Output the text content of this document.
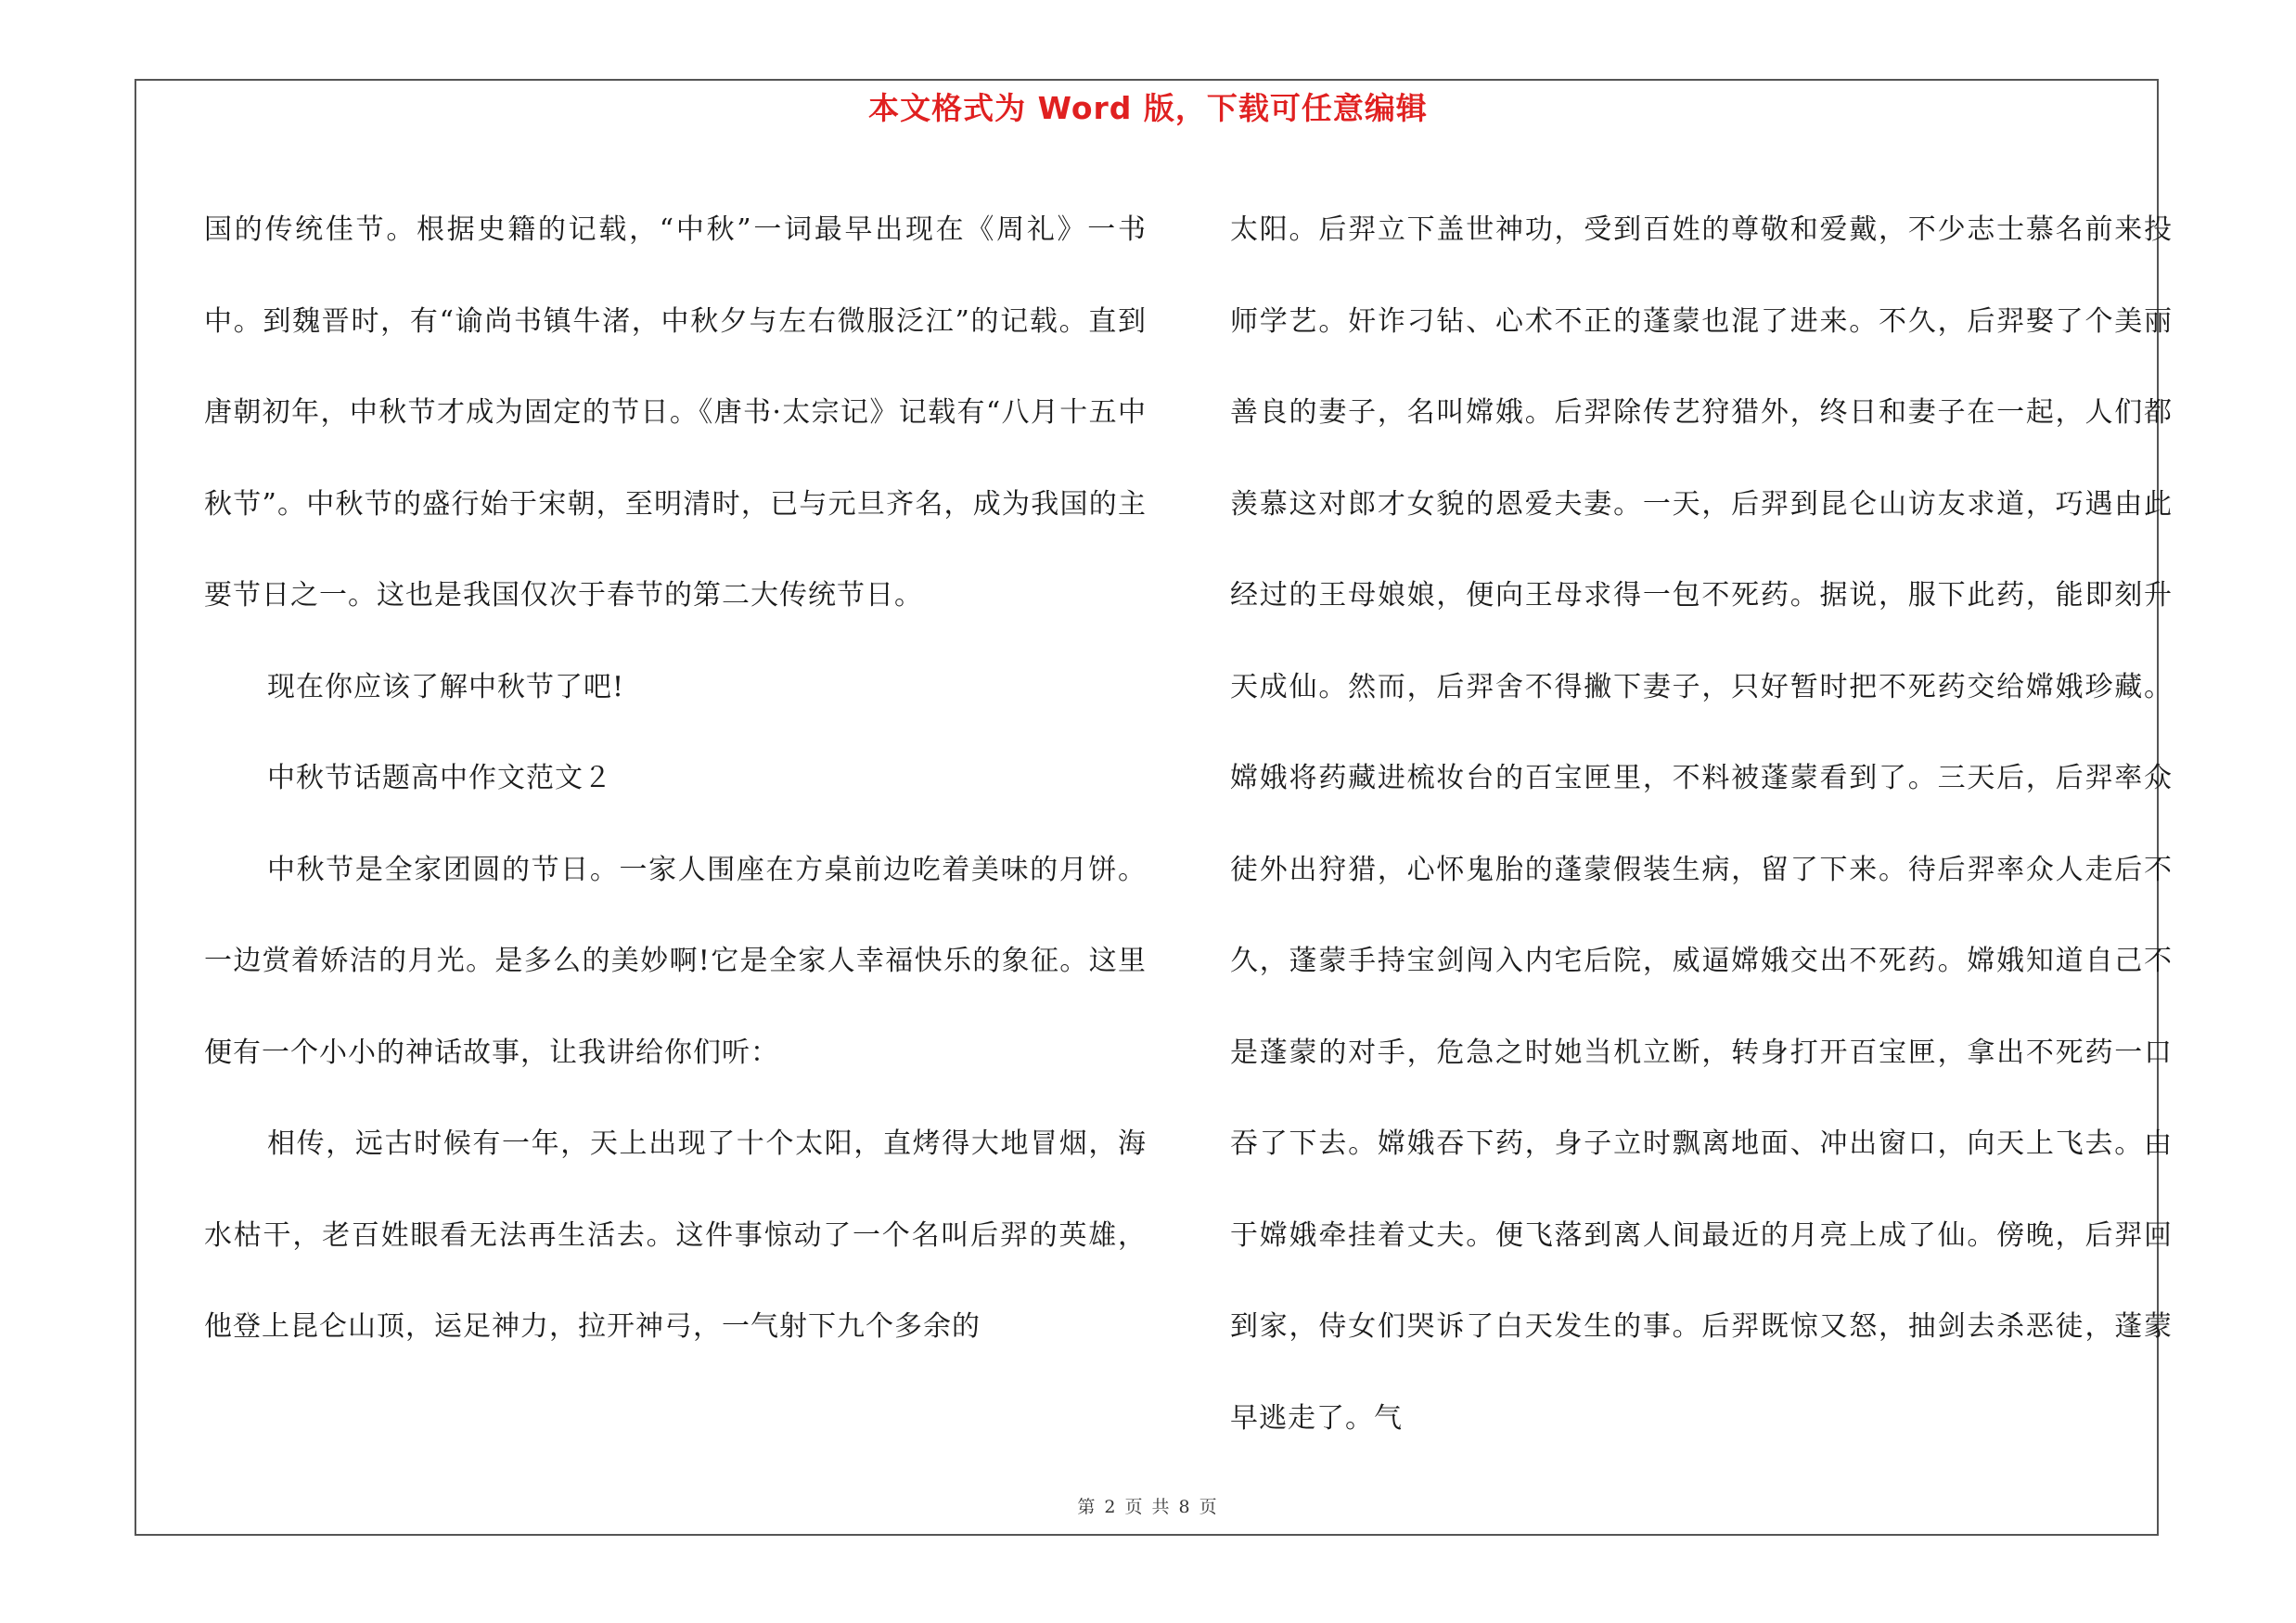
本文格式为 Word 版，下载可任意编辑

国的传统佳节。根据史籍的记载，“中秋”一词最早出现在《周礼》一书中。到魏晋时，有“谕尚书镇牛渚，中秋夕与左右微服泛江”的记载。直到唐朝初年，中秋节才成为固定的节日。《唐书·太宗记》记载有“八月十五中秋节”。中秋节的盛行始于宋朝，至明清时，已与元旦齐名，成为我国的主要节日之一。这也是我国仅次于春节的第二大传统节日。

现在你应该了解中秋节了吧!

中秋节话题高中作文范文２

中秋节是全家团圆的节日。一家人围座在方桌前边吃着美味的月饼。一边赏着娇洁的月光。是多么的美妙啊!它是全家人幸福快乐的象征。这里便有一个小小的神话故事，让我讲给你们听：

相传，远古时候有一年，天上出现了十个太阳，直烤得大地冒烟，海水枯干，老百姓眼看无法再生活去。这件事惊动了一个名叫后羿的英雄，他登上昆仑山顶，运足神力，拉开神弓，一气射下九个多余的

太阳。后羿立下盖世神功，受到百姓的尊敬和爱戴，不少志士慕名前来投师学艺。奸诈刁钻、心术不正的蓬蒙也混了进来。不久，后羿娶了个美丽善良的妻子，名叫嫦娥。后羿除传艺狩猎外，终日和妻子在一起，人们都羡慕这对郎才女貌的恩爱夫妻。一天，后羿到昆仑山访友求道，巧遇由此经过的王母娘娘，便向王母求得一包不死药。据说，服下此药，能即刻升天成仙。然而，后羿舍不得撇下妻子，只好暂时把不死药交给嫦娥珍藏。嫦娥将药藏进梳妆台的百宝匣里，不料被蓬蒙看到了。三天后，后羿率众徒外出狩猎，心怀鬼胎的蓬蒙假装生病，留了下来。待后羿率众人走后不久，蓬蒙手持宝剑闯入内宅后院，威逼嫦娥交出不死药。嫦娥知道自己不是蓬蒙的对手，危急之时她当机立断，转身打开百宝匣，拿出不死药一口吞了下去。嫦娥吞下药，身子立时飘离地面、冲出窗口，向天上飞去。由于嫦娥牵挂着丈夫。便飞落到离人间最近的月亮上成了仙。傍晚，后羿回到家，侍女们哭诉了白天发生的事。后羿既惊又怒，抽剑去杀恶徒，蓬蒙早逃走了。气

第 2 页 共 8 页
